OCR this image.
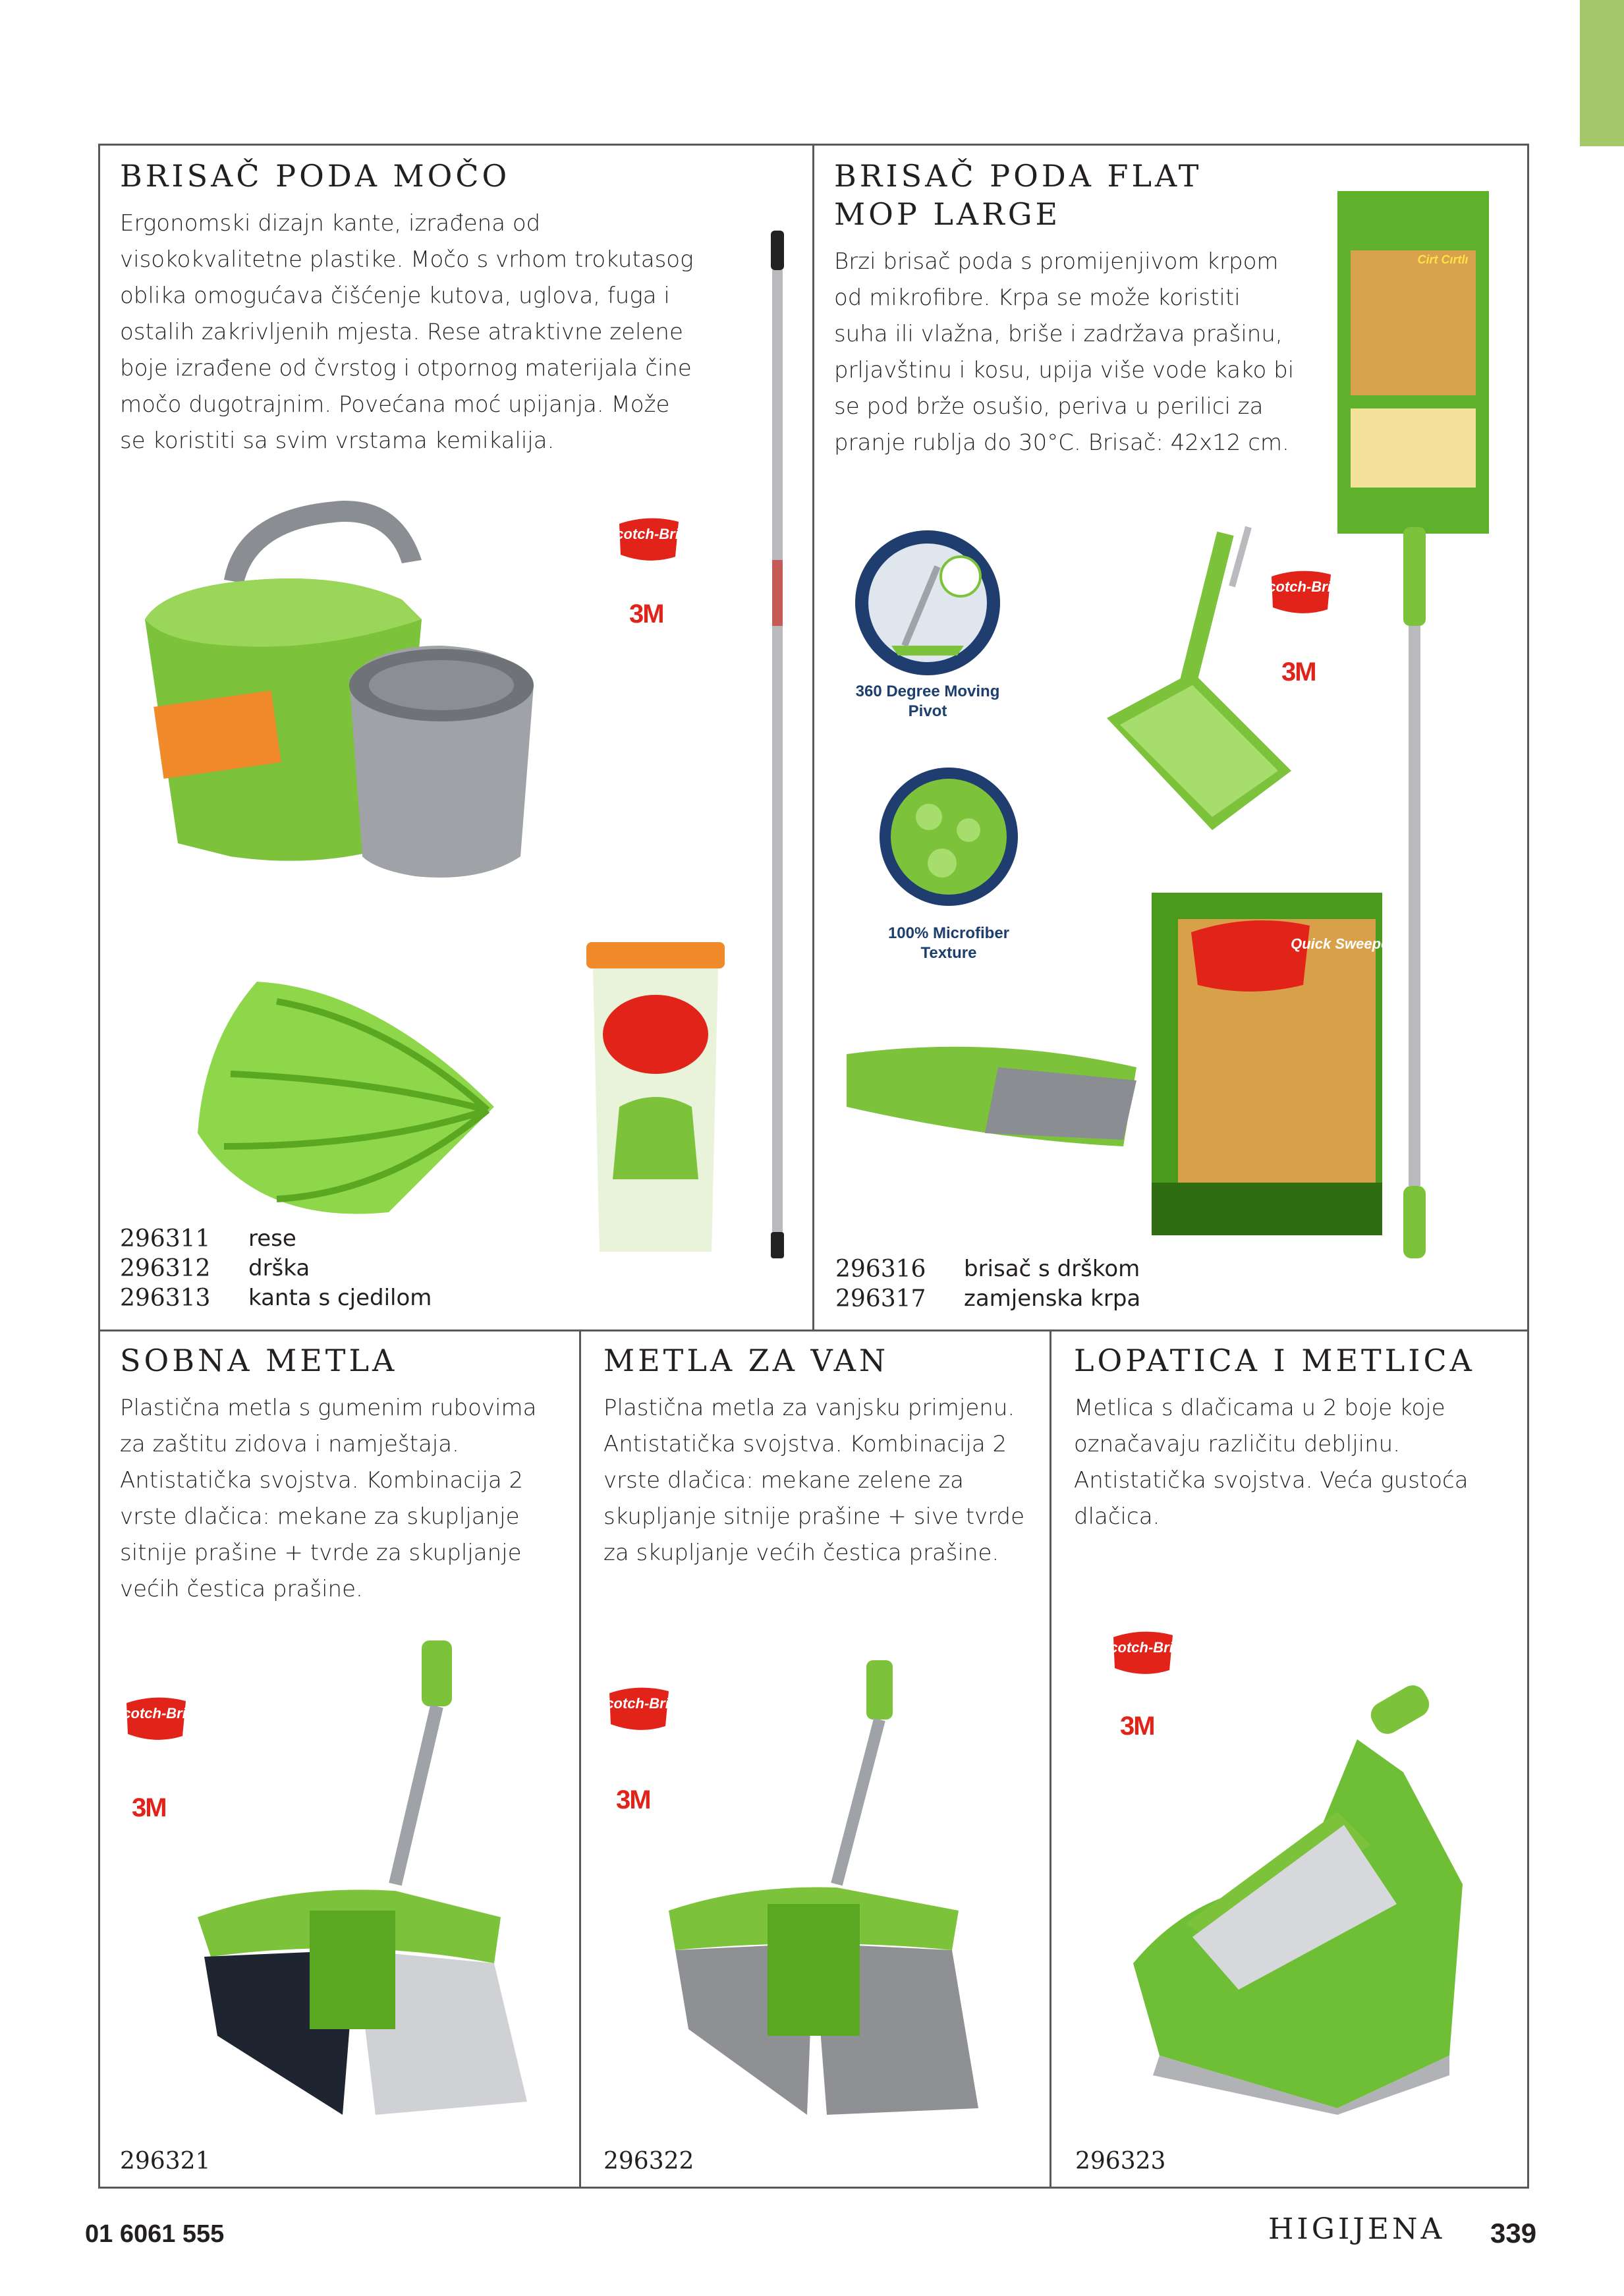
BRISAČ PODA MOČO

Ergonomski dizajn kante, izrađena od visokokvalitetne plastike. Močo s vrhom trokutasog oblika omogućava čišćenje kutova, uglova, fuga i ostalih zakrivljenih mjesta. Rese atraktivne zelene boje izrađene od čvrstog i otpornog materijala čine močo dugotrajnim. Povećana moć upijanja. Može se koristiti sa svim vrstama kemikalija.

Scotch-Brite
3M
296311	rese
296312	drška
296313	kanta s cjedilom
BRISAČ PODA FLAT
MOP LARGE

Brzi brisač poda s promijenjivom krpom od mikrofibre. Krpa se može koristiti suha ili vlažna, briše i zadržava prašinu, prljavštinu i kosu, upija više vode kako bi se pod brže osušio, periva u perilici za pranje rublja do 30°C. Brisač: 42x12 cm.

Cirt Cırtlı
Scotch-Brite
3M
360 Degree Moving Pivot
100% Microfiber Texture
Quick Sweeper
296316	brisač s drškom
296317	zamjenska krpa
SOBNA METLA

Plastična metla s gumenim rubovima za zaštitu zidova i namještaja. Antistatička svojstva. Kombinacija 2 vrste dlačica: mekane za skupljanje sitnije prašine + tvrde za skupljanje većih čestica prašine.

Scotch-Brite
3M
296321
METLA ZA VAN

Plastična metla za vanjsku primjenu. Antistatička svojstva. Kombinacija 2 vrste dlačica: mekane zelene za skupljanje sitnije prašine + sive tvrde za skupljanje većih čestica prašine.

Scotch-Brite
3M
296322
LOPATICA I METLICA

Metlica s dlačicama u 2 boje koje označavaju različitu debljinu. Antistatička svojstva. Veća gustoća dlačica.

Scotch-Brite
3M
296323
01 6061 555	HIGIJENA 339
